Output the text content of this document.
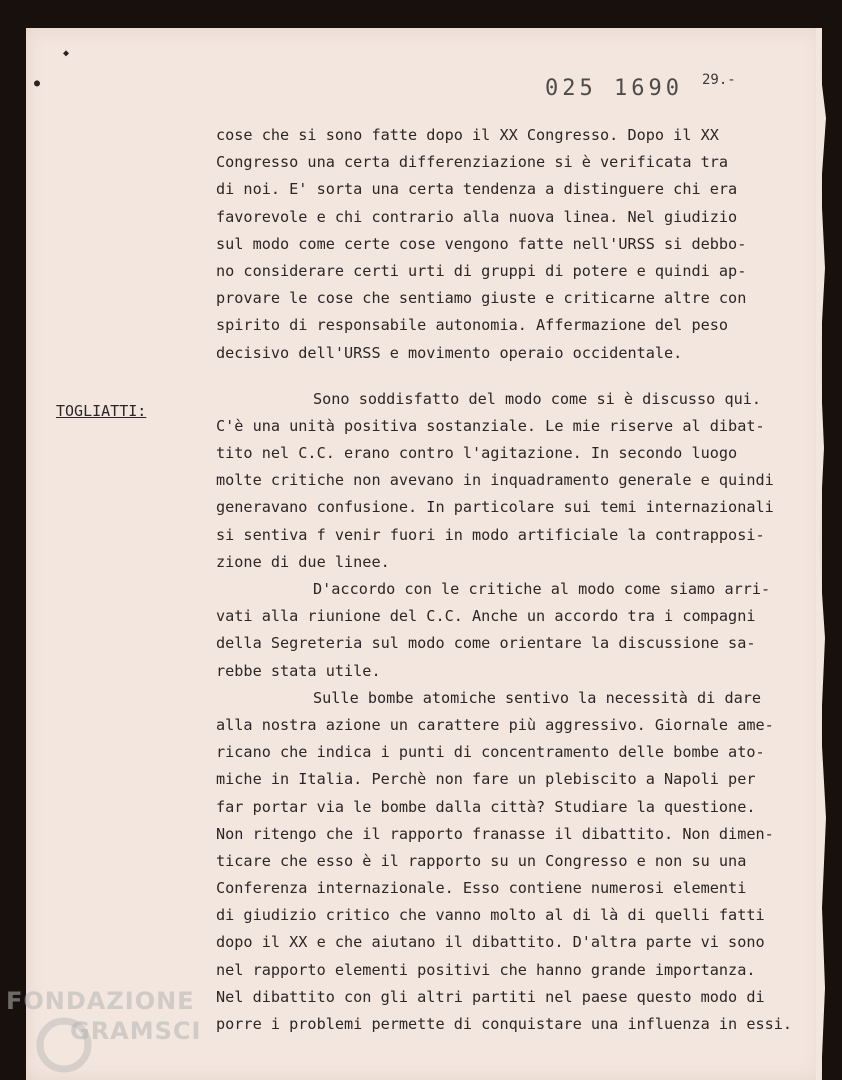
025 1690 29.-
◆
●
TOGLIATTI:
cose che si sono fatte dopo il XX Congresso. Dopo il XX
Congresso una certa differenziazione si è verificata tra
di noi. E' sorta una certa tendenza a distinguere chi era
favorevole e chi contrario alla nuova linea. Nel giudizio
sul modo come certe cose vengono fatte nell'URSS si debbo-
no considerare certi urti di gruppi di potere e quindi ap-
provare le cose che sentiamo giuste e criticarne altre con
spirito di responsabile autonomia. Affermazione del peso
decisivo dell'URSS e movimento operaio occidentale.
Sono soddisfatto del modo come si è discusso qui.
C'è una unità positiva sostanziale. Le mie riserve al dibat-
tito nel C.C. erano contro l'agitazione. In secondo luogo
molte critiche non avevano in inquadramento generale e quindi
generavano confusione. In particolare sui temi internazionali
si sentiva f venir fuori in modo artificiale la contrapposi-
zione di due linee.
D'accordo con le critiche al modo come siamo arri-
vati alla riunione del C.C. Anche un accordo tra i compagni
della Segreteria sul modo come orientare la discussione sa-
rebbe stata utile.
Sulle bombe atomiche sentivo la necessità di dare
alla nostra azione un carattere più aggressivo. Giornale ame-
ricano che indica i punti di concentramento delle bombe ato-
miche in Italia. Perchè non fare un plebiscito a Napoli per
far portar via le bombe dalla città? Studiare la questione.
Non ritengo che il rapporto franasse il dibattito. Non dimen-
ticare che esso è il rapporto su un Congresso e non su una
Conferenza internazionale. Esso contiene numerosi elementi
di giudizio critico che vanno molto al di là di quelli fatti
dopo il XX e che aiutano il dibattito. D'altra parte vi sono
nel rapporto elementi positivi che hanno grande importanza.
Nel dibattito con gli altri partiti nel paese questo modo di
porre i problemi permette di conquistare una influenza in essi.
FONDAZIONE
GRAMSCI
